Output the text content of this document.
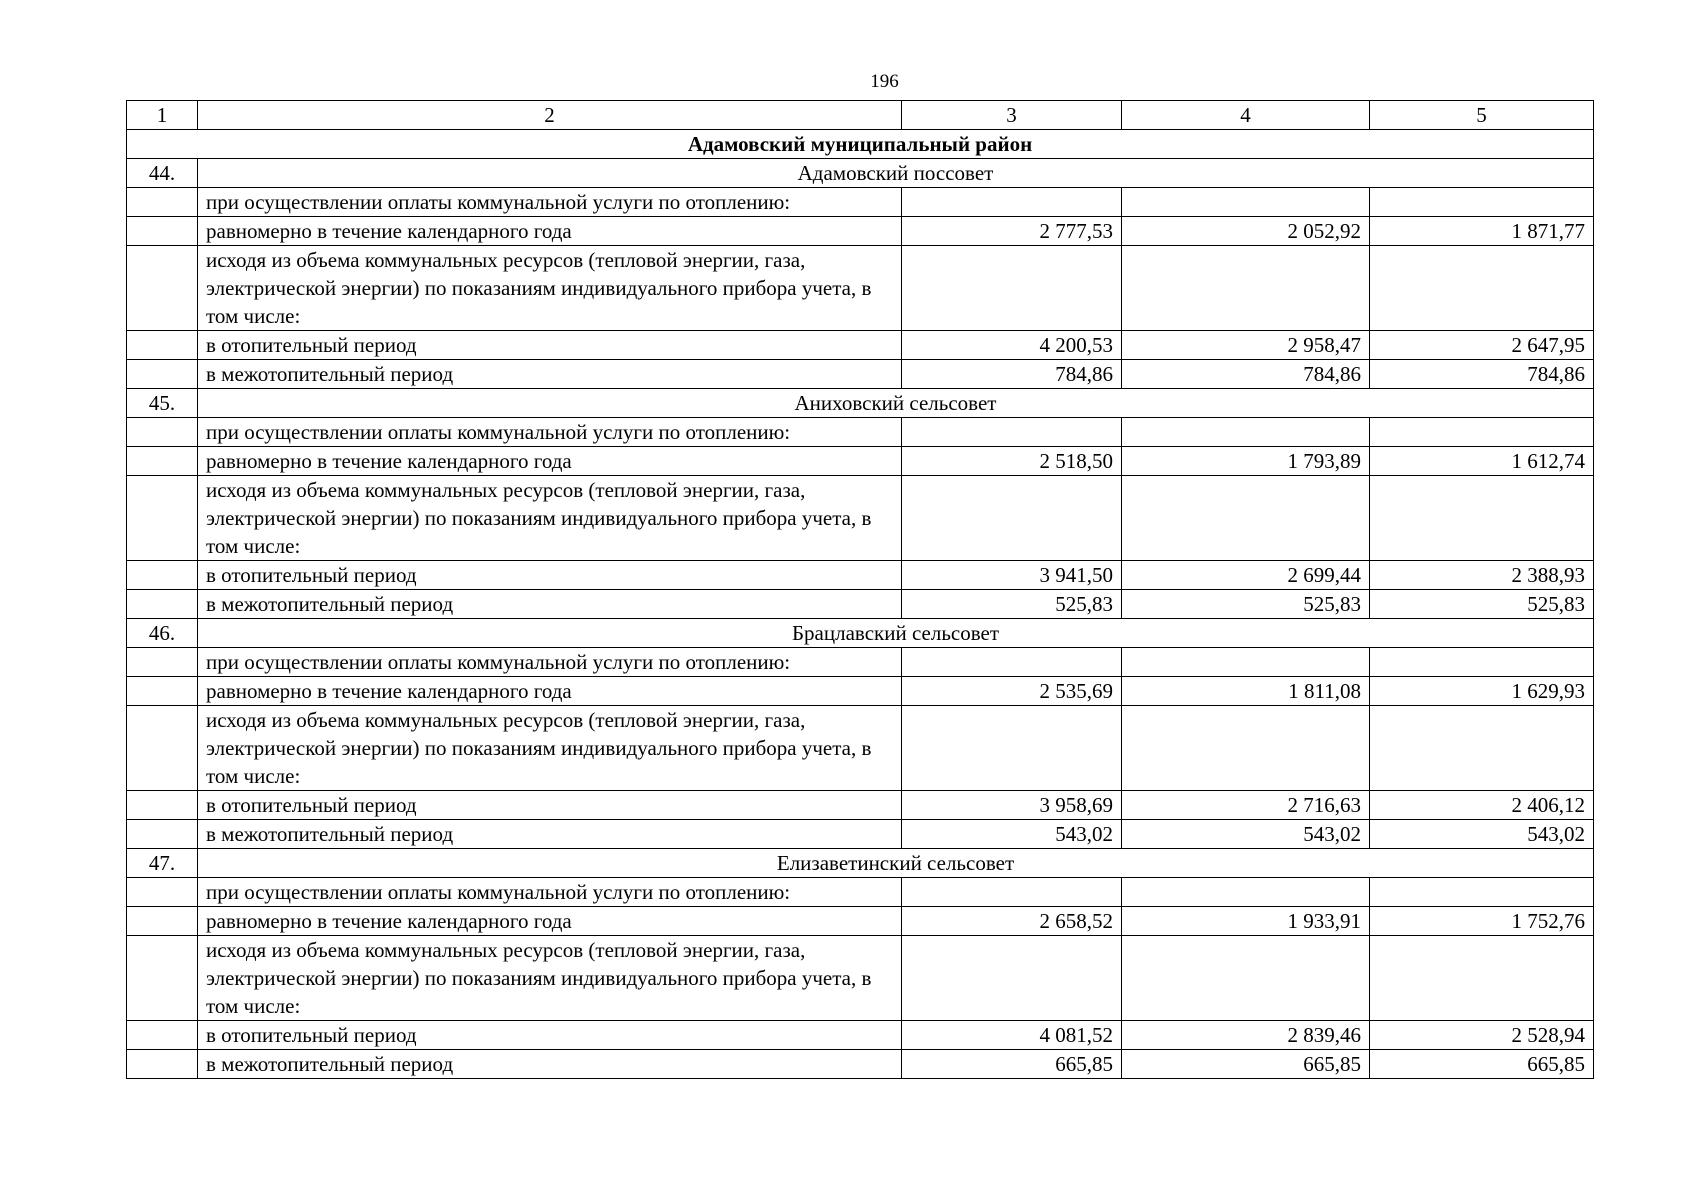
196
1	2	3	4	5
Адамовский муниципальный район				
44.	Адамовский поссовет			
	при осуществлении оплаты коммунальной услуги по отоплению:			
	равномерно в течение календарного года	2 777,53	2 052,92	1 871,77
	исходя из объема коммунальных ресурсов (тепловой энергии, газа, электрической энергии) по показаниям индивидуального прибора учета, в том числе:			
	в отопительный период	4 200,53	2 958,47	2 647,95
	в межотопительный период	784,86	784,86	784,86
45.	Аниховский сельсовет			
	при осуществлении оплаты коммунальной услуги по отоплению:			
	равномерно в течение календарного года	2 518,50	1 793,89	1 612,74
	исходя из объема коммунальных ресурсов (тепловой энергии, газа, электрической энергии) по показаниям индивидуального прибора учета, в том числе:			
	в отопительный период	3 941,50	2 699,44	2 388,93
	в межотопительный период	525,83	525,83	525,83
46.	Брацлавский сельсовет			
	при осуществлении оплаты коммунальной услуги по отоплению:			
	равномерно в течение календарного года	2 535,69	1 811,08	1 629,93
	исходя из объема коммунальных ресурсов (тепловой энергии, газа, электрической энергии) по показаниям индивидуального прибора учета, в том числе:			
	в отопительный период	3 958,69	2 716,63	2 406,12
	в межотопительный период	543,02	543,02	543,02
47.	Елизаветинский сельсовет			
	при осуществлении оплаты коммунальной услуги по отоплению:			
	равномерно в течение календарного года	2 658,52	1 933,91	1 752,76
	исходя из объема коммунальных ресурсов (тепловой энергии, газа, электрической энергии) по показаниям индивидуального прибора учета, в том числе:			
	в отопительный период	4 081,52	2 839,46	2 528,94
	в межотопительный период	665,85	665,85	665,85
